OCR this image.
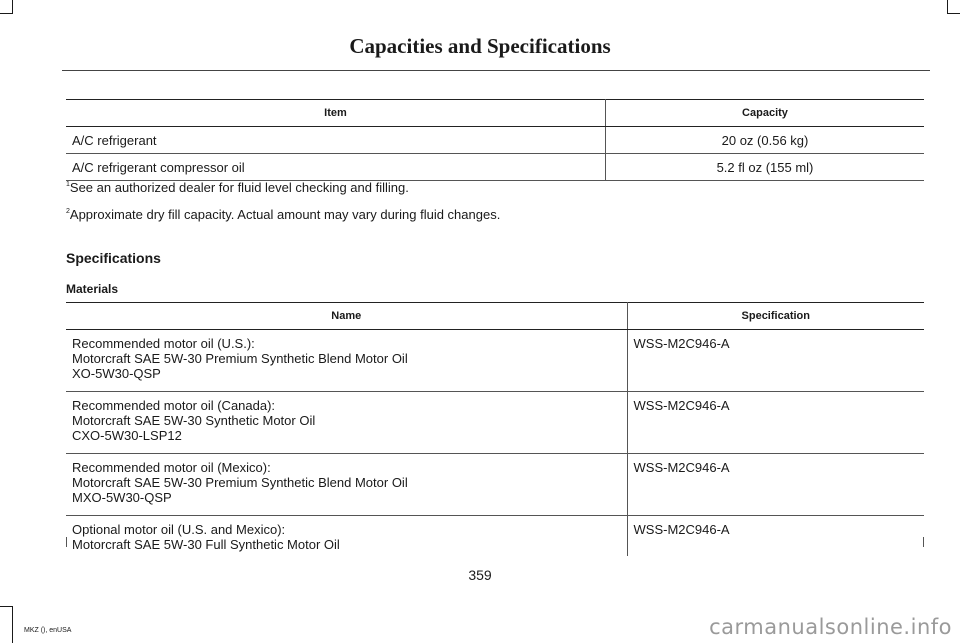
Capacities and Specifications
Item	Capacity
A/C refrigerant	20 oz (0.56 kg)
A/C refrigerant compressor oil	5.2 fl oz (155 ml)
$^1$See an authorized dealer for fluid level checking and filling.
$^2$Approximate dry fill capacity. Actual amount may vary during fluid changes.
Specifications
Materials
Name	Specification

Recommended motor oil (U.S.):
Motorcraft SAE 5W-30 Premium Synthetic Blend Motor Oil
XO-5W30-QSP	WSS-M2C946-A

Recommended motor oil (Canada):
Motorcraft SAE 5W-30 Synthetic Motor Oil
CXO-5W30-LSP12	WSS-M2C946-A

Recommended motor oil (Mexico):
Motorcraft SAE 5W-30 Premium Synthetic Blend Motor Oil
MXO-5W30-QSP	WSS-M2C946-A

Optional motor oil (U.S. and Mexico):
Motorcraft SAE 5W-30 Full Synthetic Motor Oil	WSS-M2C946-A
359
MKZ (), enUSA	carmanualsonline.info
